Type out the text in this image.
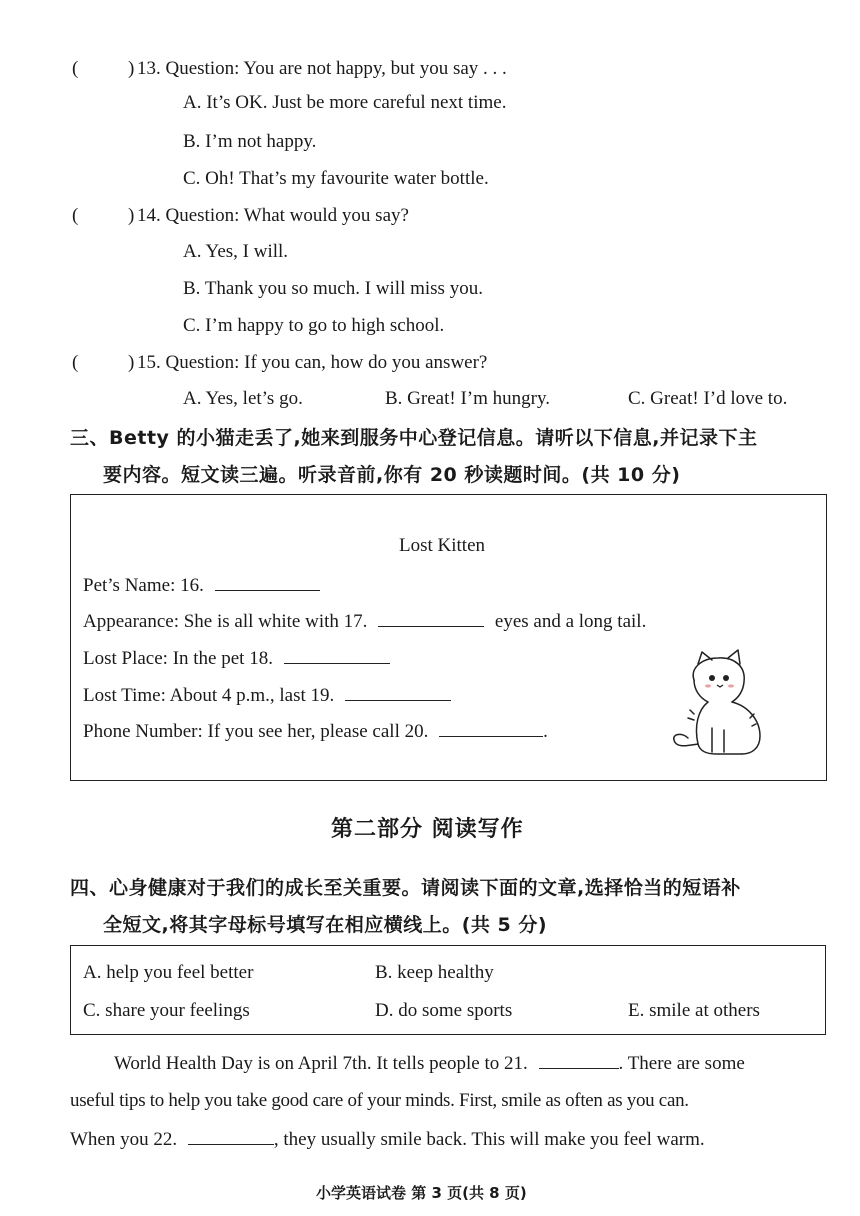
(	) 13. Question: You are not happy, but you say . . .
A. It’s OK. Just be more careful next time.
B. I’m not happy.
C. Oh! That’s my favourite water bottle.
(	) 14. Question: What would you say?
A. Yes, I will.
B. Thank you so much. I will miss you.
C. I’m happy to go to high school.
(	) 15. Question: If you can, how do you answer?
A. Yes, let’s go.	B. Great! I’m hungry.	C. Great! I’d love to.
三、Betty 的小猫走丢了,她来到服务中心登记信息。请听以下信息,并记录下主
要内容。短文读三遍。听录音前,你有 20 秒读题时间。(共 10 分)
Lost Kitten
Pet’s Name: 16.
Appearance: She is all white with 17.	eyes and a long tail.
Lost Place: In the pet 18.
Lost Time: About 4 p.m., last 19.
Phone Number: If you see her, please call 20.	.
第二部分 阅读写作
四、心身健康对于我们的成长至关重要。请阅读下面的文章,选择恰当的短语补
全短文,将其字母标号填写在相应横线上。(共 5 分)
A. help you feel better	B. keep healthy
C. share your feelings	D. do some sports	E. smile at others
World Health Day is on April 7th. It tells people to 21.	. There are some
useful tips to help you take good care of your minds. First, smile as often as you can.
When you 22.	, they usually smile back. This will make you feel warm.
小学英语试卷 第 3 页(共 8 页)
